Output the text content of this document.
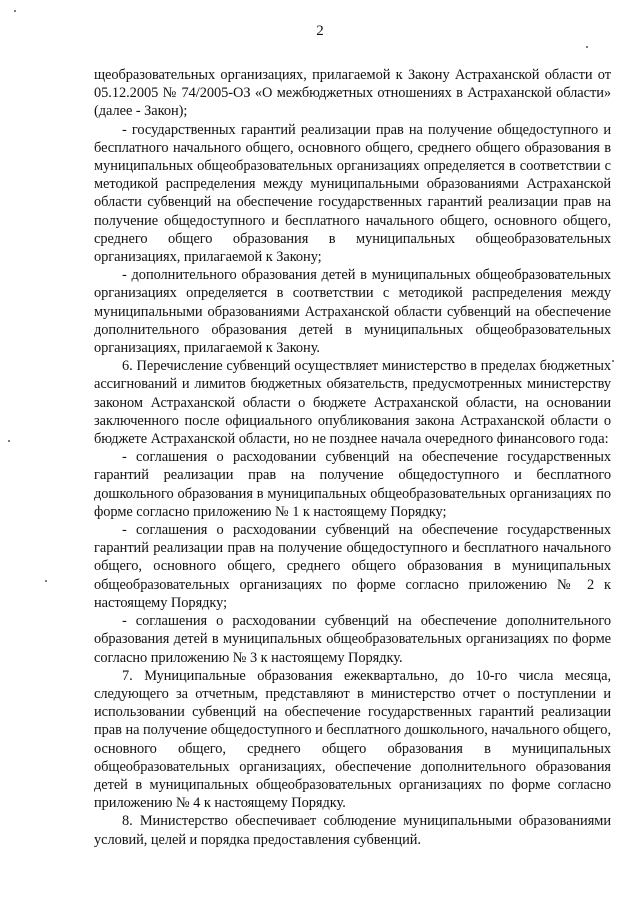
2

щеобразовательных организациях, прилагаемой к Закону Астраханской области от 05.12.2005 № 74/2005-ОЗ «О межбюджетных отношениях в Астраханской области» (далее - Закон);

- государственных гарантий реализации прав на получение общедоступного и бесплатного начального общего, основного общего, среднего общего образования в муниципальных общеобразовательных организациях определяется в соответствии с методикой распределения между муниципальными образованиями Астраханской области субвенций на обеспечение государственных гарантий реализации прав на получение общедоступного и бесплатного начального общего, основного общего, среднего общего образования в муниципальных общеобразовательных организациях, прилагаемой к Закону;

- дополнительного образования детей в муниципальных общеобразовательных организациях определяется в соответствии с методикой распределения между муниципальными образованиями Астраханской области субвенций на обеспечение дополнительного образования детей в муниципальных общеобразовательных организациях, прилагаемой к Закону.

6. Перечисление субвенций осуществляет министерство в пределах бюджетных ассигнований и лимитов бюджетных обязательств, предусмотренных министерству законом Астраханской области о бюджете Астраханской области, на основании заключенного после официального опубликования закона Астраханской области о бюджете Астраханской области, но не позднее начала очередного финансового года:

- соглашения о расходовании субвенций на обеспечение государственных гарантий реализации прав на получение общедоступного и бесплатного дошкольного образования в муниципальных общеобразовательных организациях по форме согласно приложению № 1 к настоящему Порядку;

- соглашения о расходовании субвенций на обеспечение государственных гарантий реализации прав на получение общедоступного и бесплатного начального общего, основного общего, среднего общего образования в муниципальных общеобразовательных организациях по форме согласно приложению № 2 к настоящему Порядку;

- соглашения о расходовании субвенций на обеспечение дополнительного образования детей в муниципальных общеобразовательных организациях по форме согласно приложению № 3 к настоящему Порядку.

7. Муниципальные образования ежеквартально, до 10-го числа месяца, следующего за отчетным, представляют в министерство отчет о поступлении и использовании субвенций на обеспечение государственных гарантий реализации прав на получение общедоступного и бесплатного дошкольного, начального общего, основного общего, среднего общего образования в муниципальных общеобразовательных организациях, обеспечение дополнительного образования детей в муниципальных общеобразовательных организациях по форме согласно приложению № 4 к настоящему Порядку.

8. Министерство обеспечивает соблюдение муниципальными образованиями условий, целей и порядка предоставления субвенций.
